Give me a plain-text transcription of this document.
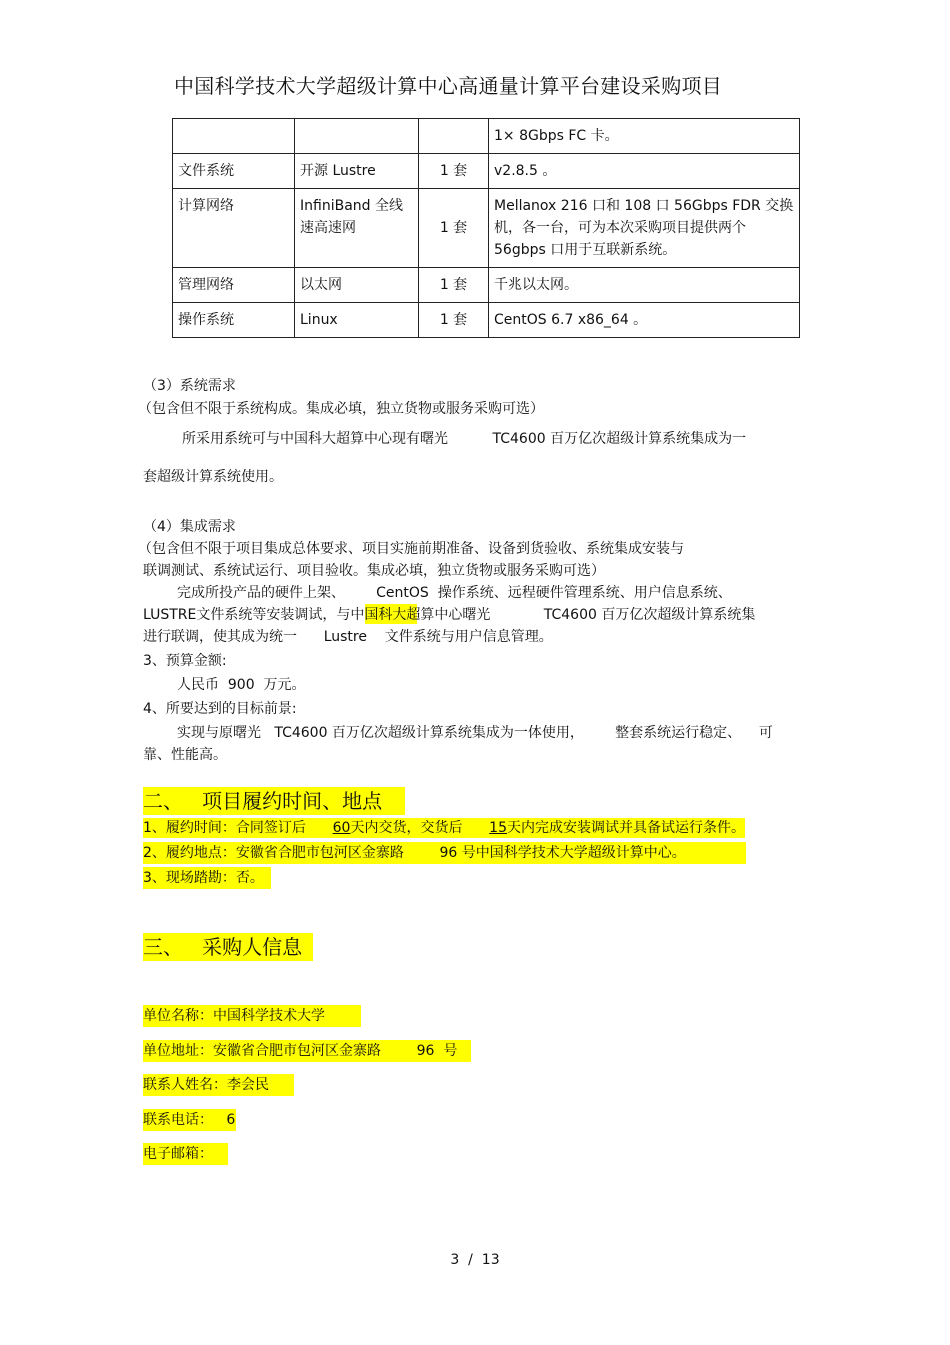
中国科学技术大学超级计算中心高通量计算平台建设采购项目
			1× 8Gbps FC 卡。
文件系统	开源 Lustre	1 套	v2.8.5 。
计算网络	InfiniBand 全线速高速网	1 套	Mellanox 216 口和 108 口 56Gbps FDR 交换机，各一台，可为本次采购项目提供两个 56gbps 口用于互联新系统。
管理网络	以太网	1 套	千兆以太网。
操作系统	Linux	1 套	CentOS 6.7 x86_64 。
（3）系统需求
（包含但不限于系统构成。集成必填，独立货物或服务采购可选）
所采用系统可与中国科大超算中心现有曙光          TC4600 百万亿次超级计算系统集成为一
套超级计算系统使用。
（4）集成需求
（包含但不限于项目集成总体要求、项目实施前期准备、设备到货验收、系统集成安装与
联调测试、系统试运行、项目验收。集成必填，独立货物或服务采购可选）
完成所投产品的硬件上架、       CentOS  操作系统、远程硬件管理系统、用户信息系统、
LUSTRE文件系统等安装调试，与中国科大超算中心曙光            TC4600 百万亿次超级计算系统集
进行联调，使其成为统一      Lustre    文件系统与用户信息管理。
3、预算金额:
人民币  900  万元。
4、所要达到的目标前景:
实现与原曙光   TC4600 百万亿次超级计算系统集成为一体使用，       整套系统运行稳定、    可
靠、性能高。
二、   项目履约时间、地点
1、履约时间：合同签订后 60天内交货，交货后 15天内完成安装调试并具备试运行条件。
2、履约地点：安徽省合肥市包河区金寨路        96 号中国科学技术大学超级计算中心。
3、现场踏勘：否。
三、   采购人信息
单位名称：中国科学技术大学
单位地址：安徽省合肥市包河区金寨路        96  号
联系人姓名：李会民
联系电话：   6
电子邮箱：
3  /  13
